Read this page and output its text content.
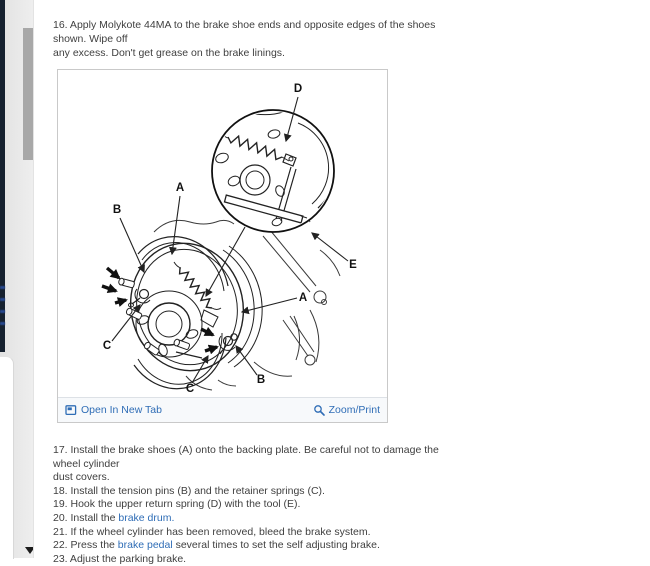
16. Apply Molykote 44MA to the brake shoe ends and opposite edges of the shoes shown. Wipe off
any excess. Don't get grease on the brake linings.
D
A
B
A
E
C
C
B
Open In New Tab	Zoom/Print
17. Install the brake shoes (A) onto the backing plate. Be careful not to damage the wheel cylinder
dust covers.
18. Install the tension pins (B) and the retainer springs (C).
19. Hook the upper return spring (D) with the tool (E).
20. Install the brake drum.
21. If the wheel cylinder has been removed, bleed the brake system.
22. Press the brake pedal several times to set the self adjusting brake.
23. Adjust the parking brake.
